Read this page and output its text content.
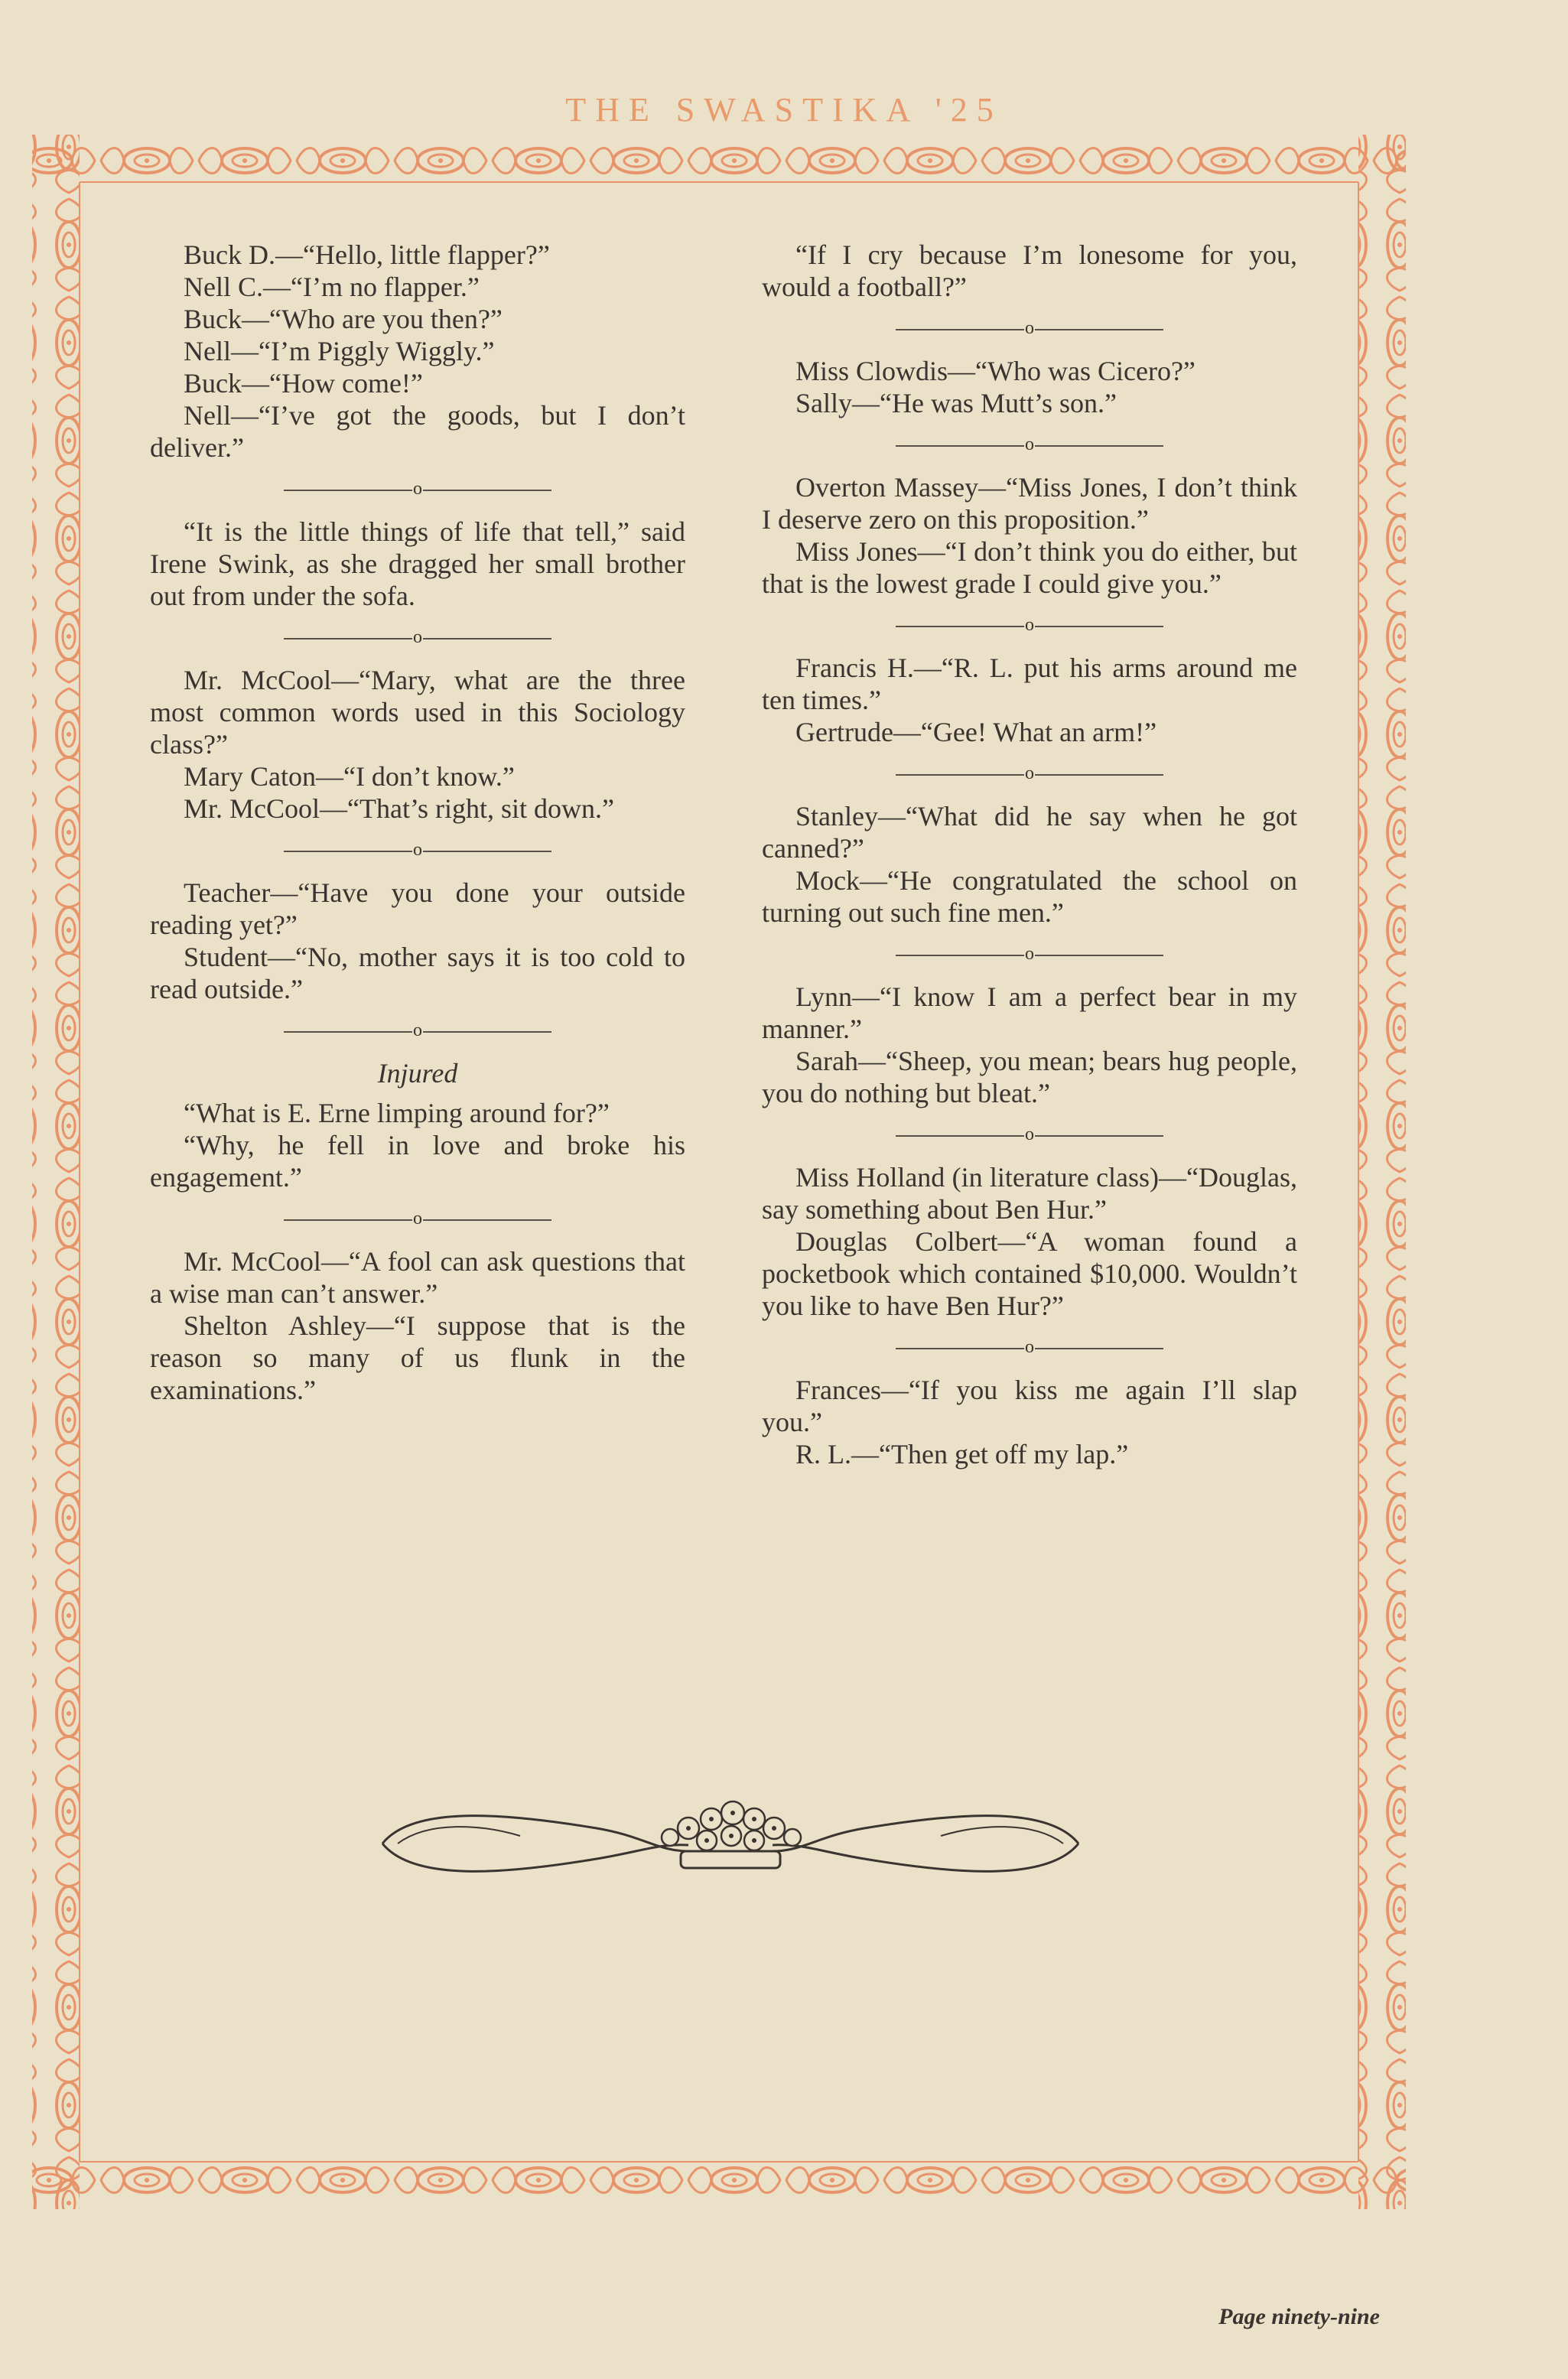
THE SWASTIKA '25

Buck D.—“Hello, little flapper?”

Nell C.—“I’m no flapper.”

Buck—“Who are you then?”

Nell—“I’m Piggly Wiggly.”

Buck—“How come!”

Nell—“I’ve got the goods, but I don’t deliver.”

o

“It is the little things of life that tell,” said Irene Swink, as she dragged her small brother out from under the sofa.

o

Mr. McCool—“Mary, what are the three most common words used in this Sociology class?”

Mary Caton—“I don’t know.”

Mr. McCool—“That’s right, sit down.”

o

Teacher—“Have you done your outside reading yet?”

Student—“No, mother says it is too cold to read outside.”

o
Injured

“What is E. Erne limping around for?”

“Why, he fell in love and broke his engagement.”

o

Mr. McCool—“A fool can ask questions that a wise man can’t answer.”

Shelton Ashley—“I suppose that is the reason so many of us flunk in the examinations.”

“If I cry because I’m lonesome for you, would a football?”

o

Miss Clowdis—“Who was Cicero?”

Sally—“He was Mutt’s son.”

o

Overton Massey—“Miss Jones, I don’t think I deserve zero on this proposition.”

Miss Jones—“I don’t think you do either, but that is the lowest grade I could give you.”

o

Francis H.—“R. L. put his arms around me ten times.”

Gertrude—“Gee! What an arm!”

o

Stanley—“What did he say when he got canned?”

Mock—“He congratulated the school on turning out such fine men.”

o

Lynn—“I know I am a perfect bear in my manner.”

Sarah—“Sheep, you mean; bears hug people, you do nothing but bleat.”

o

Miss Holland (in literature class)—“Douglas, say something about Ben Hur.”

Douglas Colbert—“A woman found a pocketbook which contained $10,000. Wouldn’t you like to have Ben Hur?”

o

Frances—“If you kiss me again I’ll slap you.”

R. L.—“Then get off my lap.”

Page ninety-nine
